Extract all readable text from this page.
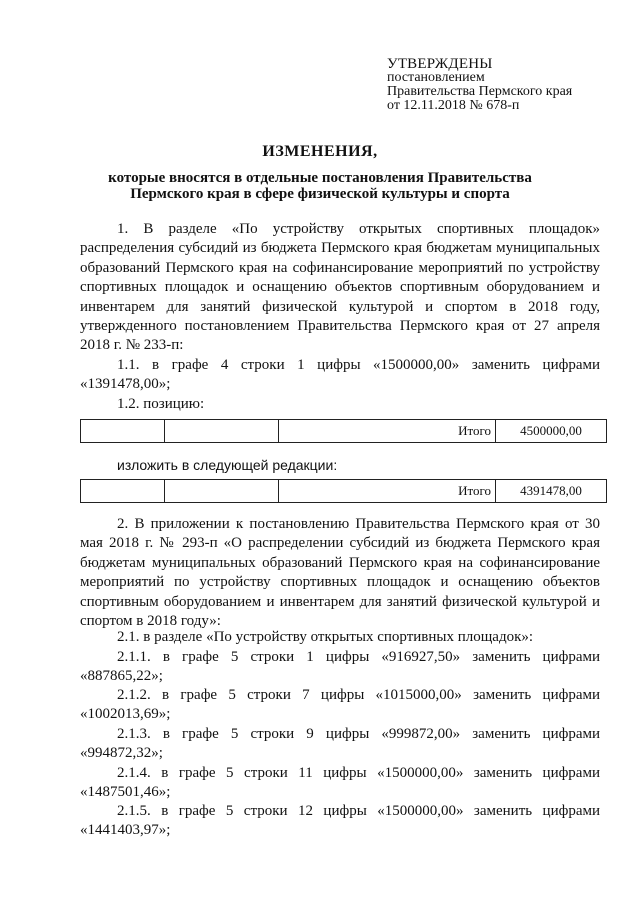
УТВЕРЖДЕНЫ
постановлением
Правительства Пермского края
от 12.11.2018 № 678-п
ИЗМЕНЕНИЯ,
которые вносятся в отдельные постановления Правительства
Пермского края в сфере физической культуры и спорта

1. В разделе «По устройству открытых спортивных площадок» распределения субсидий из бюджета Пермского края бюджетам муниципальных образований Пермского края на софинансирование мероприятий по устройству спортивных площадок и оснащению объектов спортивным оборудованием и инвентарем для занятий физической культурой и спортом в 2018 году, утвержденного постановлением Правительства Пермского края от 27 апреля 2018 г. № 233-п:

1.1. в графе 4 строки 1 цифры «1500000,00» заменить цифрами «1391478,00»;

1.2. позицию:

		Итого	4500000,00

изложить в следующей редакции:

		Итого	4391478,00

2. В приложении к постановлению Правительства Пермского края от 30 мая 2018 г. № 293-п «О распределении субсидий из бюджета Пермского края бюджетам муниципальных образований Пермского края на софинансирование мероприятий по устройству спортивных площадок и оснащению объектов спортивным оборудованием и инвентарем для занятий физической культурой и спортом в 2018 году»:

2.1. в разделе «По устройству открытых спортивных площадок»:

2.1.1. в графе 5 строки 1 цифры «916927,50» заменить цифрами «887865,22»;

2.1.2. в графе 5 строки 7 цифры «1015000,00» заменить цифрами «1002013,69»;

2.1.3. в графе 5 строки 9 цифры «999872,00» заменить цифрами «994872,32»;

2.1.4. в графе 5 строки 11 цифры «1500000,00» заменить цифрами «1487501,46»;

2.1.5. в графе 5 строки 12 цифры «1500000,00» заменить цифрами «1441403,97»;
